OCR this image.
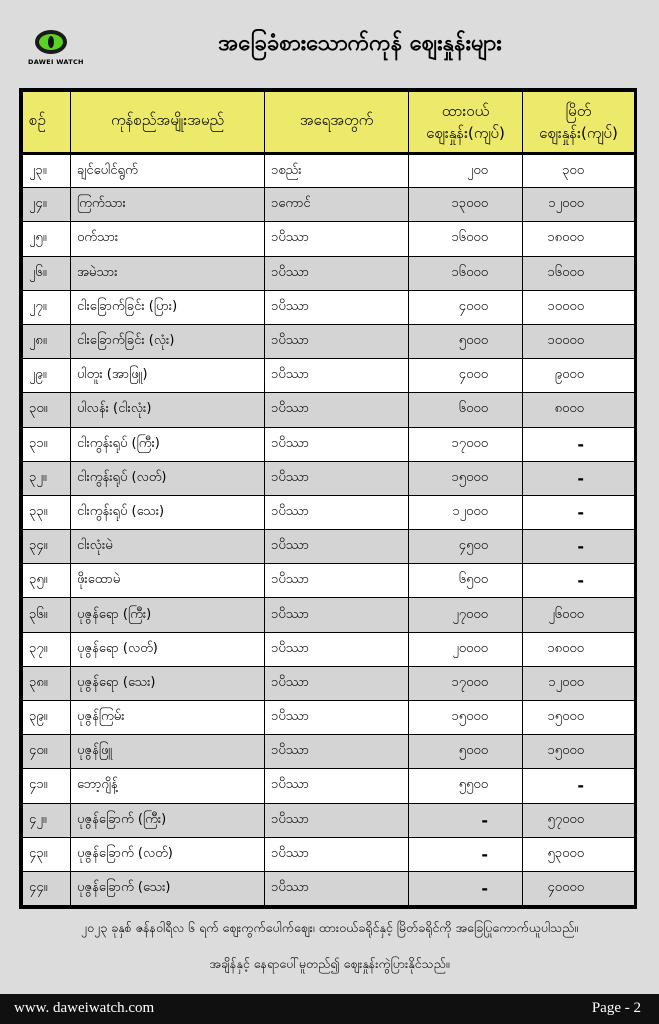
DAWEI WATCH
အခြေခံစားသောက်ကုန် ဈေးနှုန်းများ
စဉ်	ကုန်စည်အမျိုးအမည်	အရေအတွက်	ထားဝယ် ဈေးနှုန်း(ကျပ်)	မြိတ် ဈေးနှုန်း(ကျပ်)
၂၃။	ချင်ပေါင်ရွက်	၁စည်း	၂၀၀	၃၀၀
၂၄။	ကြက်သား	၁ကောင်	၁၃၀၀၀	၁၂၀၀၀
၂၅။	ဝက်သား	၁ပိဿာ	၁၆၀၀၀	၁၈၀၀၀
၂၆။	အမဲသား	၁ပိဿာ	၁၆၀၀၀	၁၆၀၀၀
၂၇။	ငါးခြောက်ခြင်း (ပြား)	၁ပိဿာ	၄၀၀၀	၁၀၀၀၀
၂၈။	ငါးခြောက်ခြင်း (လုံး)	၁ပိဿာ	၅၀၀၀	၁၀၀၀၀
၂၉။	ပါတူး (အာဖြူ)	၁ပိဿာ	၄၀၀၀	၉၀၀၀
၃၀။	ပါလန်း (ငါးလုံး)	၁ပိဿာ	၆၀၀၀	၈၀၀၀
၃၁။	ငါးကွန်းရုပ် (ကြီး)	၁ပိဿာ	၁၇၀၀၀	-
၃၂။	ငါးကွန်းရုပ် (လတ်)	၁ပိဿာ	၁၅၀၀၀	-
၃၃။	ငါးကွန်းရုပ် (သေး)	၁ပိဿာ	၁၂၀၀၀	-
၃၄။	ငါးလုံးမဲ	၁ပိဿာ	၄၅၀၀	-
၃၅။	ဖိုးထောမဲ	၁ပိဿာ	၆၅၀၀	-
၃၆။	ပုဇွန်ရော (ကြီး)	၁ပိဿာ	၂၇၀၀၀	၂၆၀၀၀
၃၇။	ပုဇွန်ရော (လတ်)	၁ပိဿာ	၂၀၀၀၀	၁၈၀၀၀
၃၈။	ပုဇွန်ရော (သေး)	၁ပိဿာ	၁၇၀၀၀	၁၂၀၀၀
၃၉။	ပုဇွန်ကြမ်း	၁ပိဿာ	၁၅၀၀၀	၁၅၀၀၀
၄၀။	ပုဇွန်ဖြူ	၁ပိဿာ	၅၀၀၀	၁၅၀၀၀
၄၁။	ဘော့ဂျိန့်	၁ပိဿာ	၅၅၀၀	-
၄၂။	ပုဇွန်ခြောက် (ကြီး)	၁ပိဿာ	-	၅၇၀၀၀
၄၃။	ပုဇွန်ခြောက် (လတ်)	၁ပိဿာ	-	၅၃၀၀၀
၄၄။	ပုဇွန်ခြောက် (သေး)	၁ပိဿာ	-	၄၀၀၀၀
၂၀၂၃ ခုနှစ် ဇန်နဝါရီလ ၆ ရက် ဈေးကွက်ပေါက်ဈေး၊ ထားဝယ်ခရိုင်နှင့် မြိတ်ခရိုင်ကို အခြေပြုကောက်ယူပါသည်။
အချိန်နှင့် နေရာပေါ်မူတည်၍ ဈေးနှုန်းကွဲပြားနိုင်သည်။
www. daweiwatch.com	Page - 2
